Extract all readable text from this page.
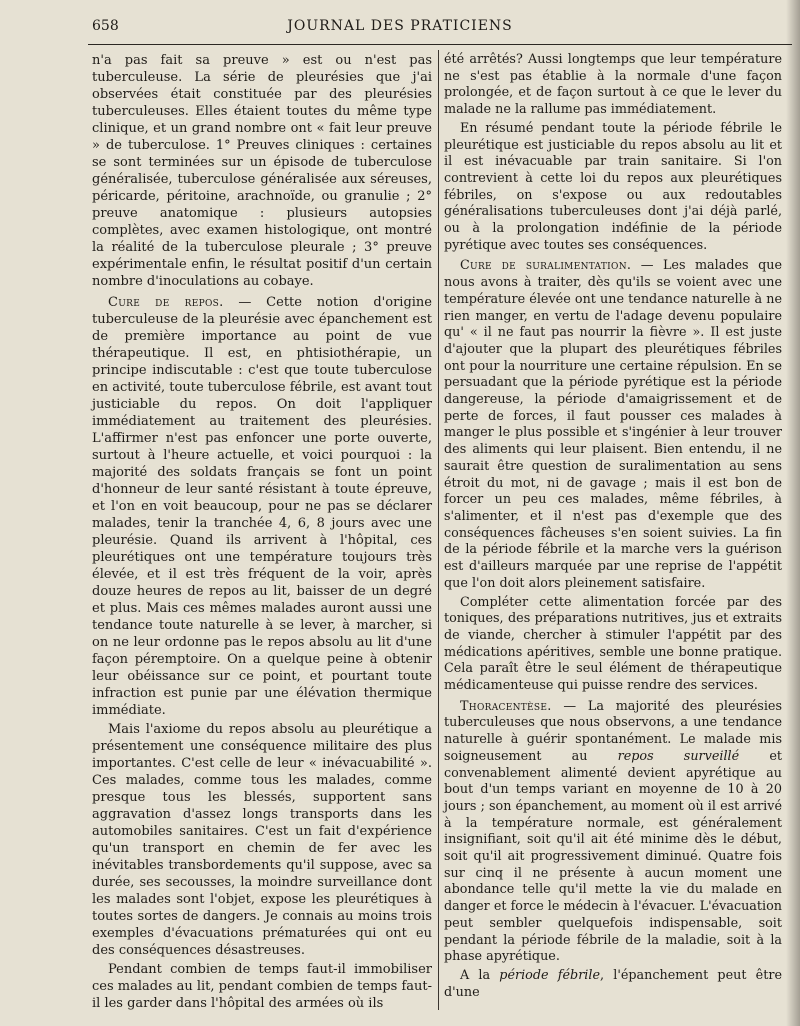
658	JOURNAL DES PRATICIENS

n'a pas fait sa preuve » est ou n'est pas tuberculeuse. La série de pleurésies que j'ai observées était constituée par des pleurésies tuberculeuses. Elles étaient toutes du même type clinique, et un grand nombre ont « fait leur preuve » de tuberculose. 1° Preuves cliniques : certaines se sont terminées sur un épisode de tuberculose généralisée, tuberculose généralisée aux séreuses, péricarde, péritoine, arachnoïde, ou granulie ; 2° preuve anatomique : plusieurs autopsies complètes, avec examen histologique, ont montré la réalité de la tuberculose pleurale ; 3° preuve expérimentale enfin, le résultat positif d'un certain nombre d'inoculations au cobaye.

Cure de repos. — Cette notion d'origine tuberculeuse de la pleurésie avec épanchement est de première importance au point de vue thérapeutique. Il est, en phtisiothérapie, un principe indiscutable : c'est que toute tuberculose en activité, toute tuberculose fébrile, est avant tout justiciable du repos. On doit l'appliquer immédiatement au traitement des pleurésies. L'affirmer n'est pas enfoncer une porte ouverte, surtout à l'heure actuelle, et voici pourquoi : la majorité des soldats français se font un point d'honneur de leur santé résistant à toute épreuve, et l'on en voit beaucoup, pour ne pas se déclarer malades, tenir la tranchée 4, 6, 8 jours avec une pleurésie. Quand ils arrivent à l'hôpital, ces pleurétiques ont une température toujours très élevée, et il est très fréquent de la voir, après douze heures de repos au lit, baisser de un degré et plus. Mais ces mêmes malades auront aussi une tendance toute naturelle à se lever, à marcher, si on ne leur ordonne pas le repos absolu au lit d'une façon péremptoire. On a quelque peine à obtenir leur obéissance sur ce point, et pourtant toute infraction est punie par une élévation thermique immédiate.

Mais l'axiome du repos absolu au pleurétique a présentement une conséquence militaire des plus importantes. C'est celle de leur « inévacuabilité ». Ces malades, comme tous les malades, comme presque tous les blessés, supportent sans aggravation d'assez longs transports dans les automobiles sanitaires. C'est un fait d'expérience qu'un transport en chemin de fer avec les inévitables transbordements qu'il suppose, avec sa durée, ses secousses, la moindre surveillance dont les malades sont l'objet, expose les pleurétiques à toutes sortes de dangers. Je connais au moins trois exemples d'évacuations prématurées qui ont eu des conséquences désastreuses.

Pendant combien de temps faut-il immobiliser ces malades au lit, pendant combien de temps faut-il les garder dans l'hôpital des armées où ils

été arrêtés? Aussi longtemps que leur température ne s'est pas établie à la normale d'une façon prolongée, et de façon surtout à ce que le lever du malade ne la rallume pas immédiatement.

En résumé pendant toute la période fébrile le pleurétique est justiciable du repos absolu au lit et il est inévacuable par train sanitaire. Si l'on contrevient à cette loi du repos aux pleurétiques fébriles, on s'expose ou aux redoutables généralisations tuberculeuses dont j'ai déjà parlé, ou à la prolongation indéfinie de la période pyrétique avec toutes ses conséquences.

Cure de suralimentation. — Les malades que nous avons à traiter, dès qu'ils se voient avec une température élevée ont une tendance naturelle à ne rien manger, en vertu de l'adage devenu populaire qu' « il ne faut pas nourrir la fièvre ». Il est juste d'ajouter que la plupart des pleurétiques fébriles ont pour la nourriture une certaine répulsion. En se persuadant que la période pyrétique est la période dangereuse, la période d'amaigrissement et de perte de forces, il faut pousser ces malades à manger le plus possible et s'ingénier à leur trouver des aliments qui leur plaisent. Bien entendu, il ne saurait être question de suralimentation au sens étroit du mot, ni de gavage ; mais il est bon de forcer un peu ces malades, même fébriles, à s'alimenter, et il n'est pas d'exemple que des conséquences fâcheuses s'en soient suivies. La fin de la période fébrile et la marche vers la guérison est d'ailleurs marquée par une reprise de l'appétit que l'on doit alors pleinement satisfaire.

Compléter cette alimentation forcée par des toniques, des préparations nutritives, jus et extraits de viande, chercher à stimuler l'appétit par des médications apéritives, semble une bonne pratique. Cela paraît être le seul élément de thérapeutique médicamenteuse qui puisse rendre des services.

Thoracentèse. — La majorité des pleurésies tuberculeuses que nous observons, a une tendance naturelle à guérir spontanément. Le malade mis soigneusement au repos surveillé et convenablement alimenté devient apyrétique au bout d'un temps variant en moyenne de 10 à 20 jours ; son épanchement, au moment où il est arrivé à la température normale, est généralement insignifiant, soit qu'il ait été minime dès le début, soit qu'il ait progressivement diminué. Quatre fois sur cinq il ne présente à aucun moment une abondance telle qu'il mette la vie du malade en danger et force le médecin à l'évacuer. L'évacuation peut sembler quelquefois indispensable, soit pendant la période fébrile de la maladie, soit à la phase apyrétique.

A la période fébrile, l'épanchement peut être d'une
